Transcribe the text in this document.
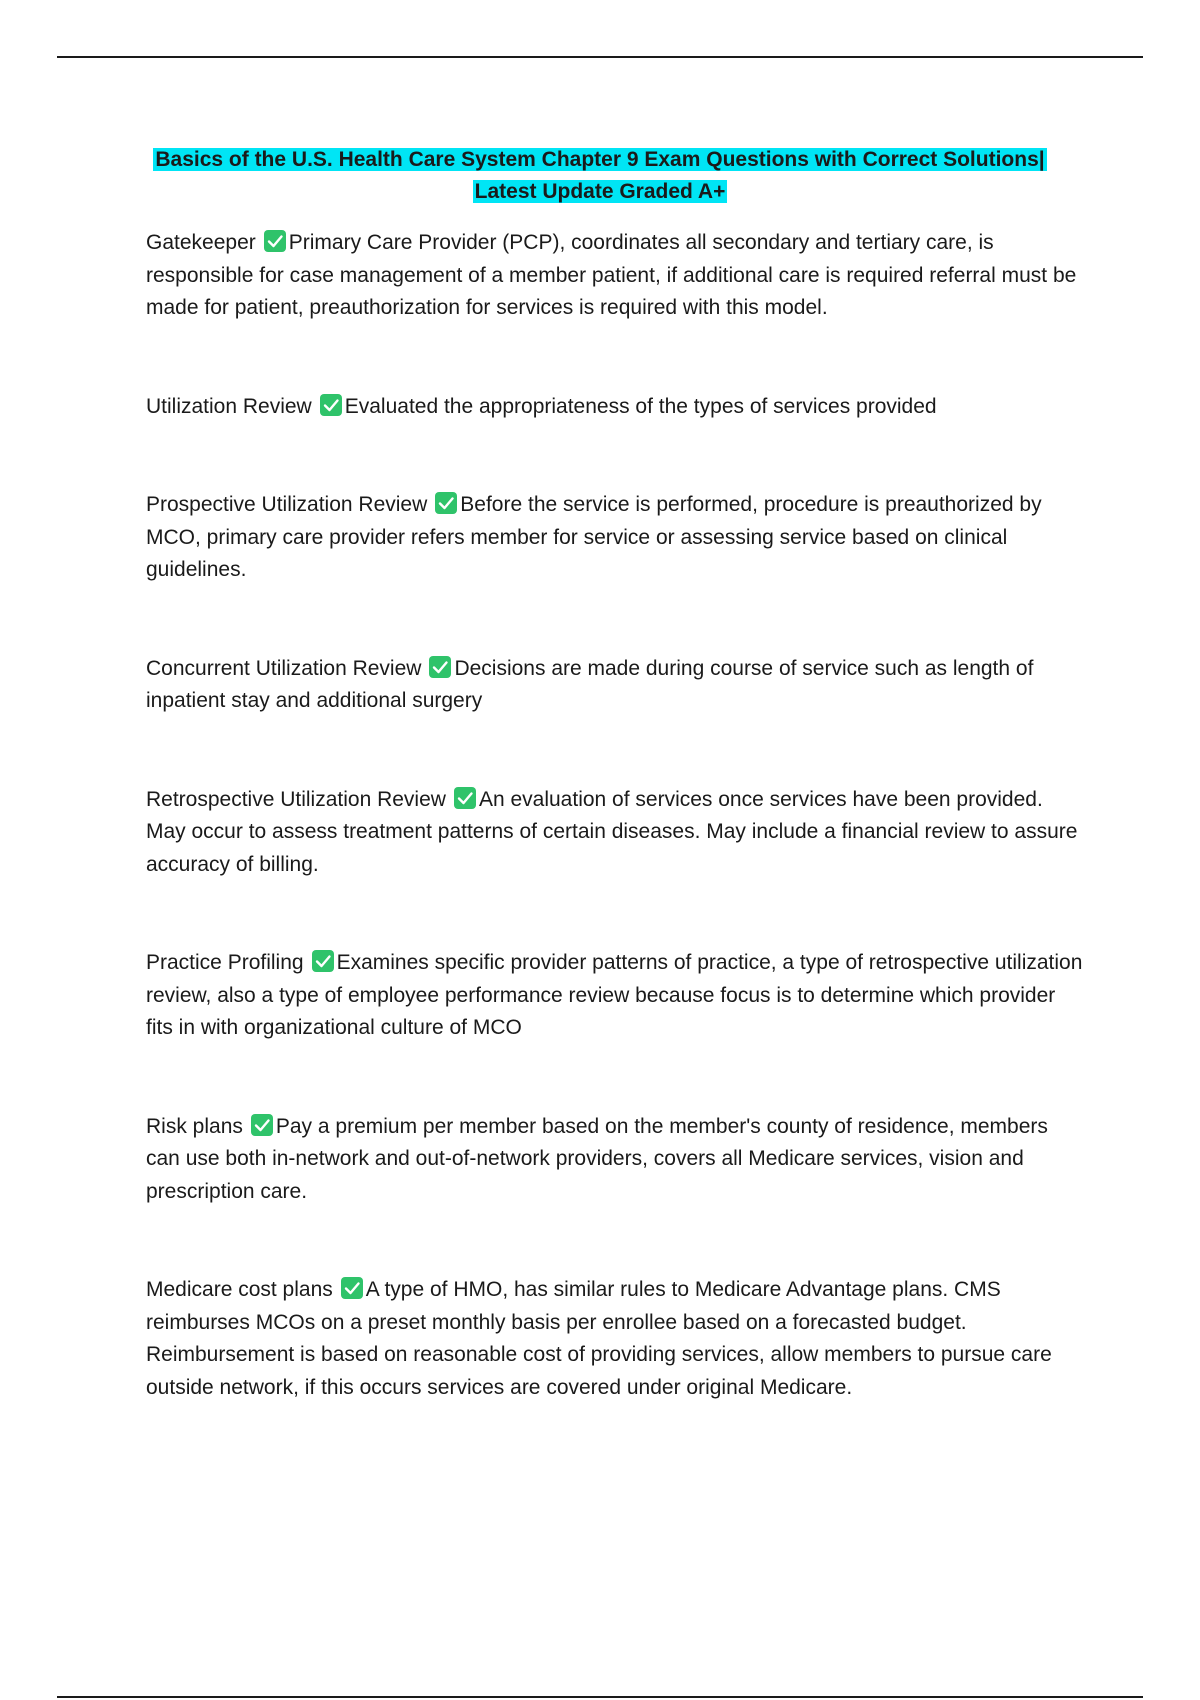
Basics of the U.S. Health Care System Chapter 9 Exam Questions with Correct Solutions|
Latest Update Graded A+

Gatekeeper Primary Care Provider (PCP), coordinates all secondary and tertiary care, is responsible for case management of a member patient, if additional care is required referral must be made for patient, preauthorization for services is required with this model.

Utilization Review Evaluated the appropriateness of the types of services provided

Prospective Utilization Review Before the service is performed, procedure is preauthorized by MCO, primary care provider refers member for service or assessing service based on clinical guidelines.

Concurrent Utilization Review Decisions are made during course of service such as length of inpatient stay and additional surgery

Retrospective Utilization Review An evaluation of services once services have been provided. May occur to assess treatment patterns of certain diseases. May include a financial review to assure accuracy of billing.

Practice Profiling Examines specific provider patterns of practice, a type of retrospective utilization review, also a type of employee performance review because focus is to determine which provider fits in with organizational culture of MCO

Risk plans Pay a premium per member based on the member's county of residence, members can use both in-network and out-of-network providers, covers all Medicare services, vision and prescription care.

Medicare cost plans A type of HMO, has similar rules to Medicare Advantage plans. CMS reimburses MCOs on a preset monthly basis per enrollee based on a forecasted budget. Reimbursement is based on reasonable cost of providing services, allow members to pursue care outside network, if this occurs services are covered under original Medicare.
